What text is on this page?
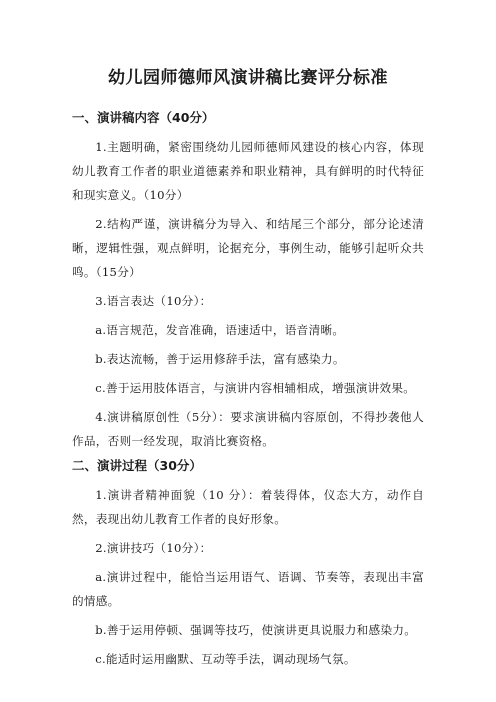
幼儿园师德师风演讲稿比赛评分标准
一、演讲稿内容（40分）

1.主题明确，紧密围绕幼儿园师德师风建设的核心内容，体现幼儿教育工作者的职业道德素养和职业精神，具有鲜明的时代特征和现实意义。（10分）

2.结构严谨，演讲稿分为导入、和结尾三个部分，部分论述清晰，逻辑性强，观点鲜明，论据充分，事例生动，能够引起听众共鸣。（15分）

3.语言表达（10分）：

a.语言规范，发音准确，语速适中，语音清晰。

b.表达流畅，善于运用修辞手法，富有感染力。

c.善于运用肢体语言，与演讲内容相辅相成，增强演讲效果。

4.演讲稿原创性（5分）：要求演讲稿内容原创，不得抄袭他人作品，否则一经发现，取消比赛资格。

二、演讲过程（30分）

1.演讲者精神面貌（10 分）：着装得体，仪态大方，动作自然，表现出幼儿教育工作者的良好形象。

2.演讲技巧（10分）：

a.演讲过程中，能恰当运用语气、语调、节奏等，表现出丰富的情感。

b.善于运用停顿、强调等技巧，使演讲更具说服力和感染力。

c.能适时运用幽默、互动等手法，调动现场气氛。
